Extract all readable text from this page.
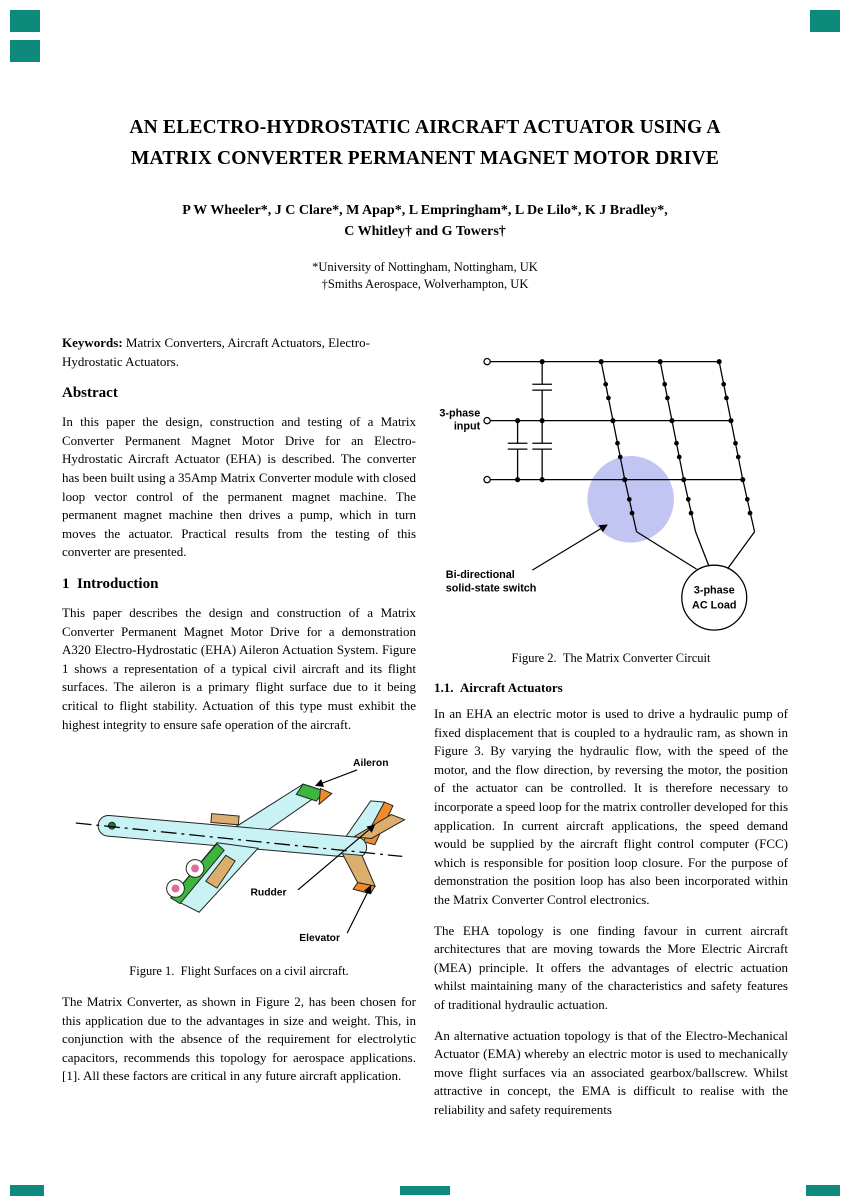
AN ELECTRO-HYDROSTATIC AIRCRAFT ACTUATOR USING A
MATRIX CONVERTER PERMANENT MAGNET MOTOR DRIVE
P W Wheeler*, J C Clare*, M Apap*, L Empringham*, L De Lilo*, K J Bradley*,
C Whitley† and G Towers†
*University of Nottingham, Nottingham, UK
†Smiths Aerospace, Wolverhampton, UK

Keywords: Matrix Converters, Aircraft Actuators, Electro-Hydrostatic Actuators.

Abstract

In this paper the design, construction and testing of a Matrix Converter Permanent Magnet Motor Drive for an Electro-Hydrostatic Aircraft Actuator (EHA) is described. The converter has been built using a 35Amp Matrix Converter module with closed loop vector control of the permanent magnet machine. The permanent magnet machine then drives a pump, which in turn moves the actuator. Practical results from the testing of this converter are presented.

1 Introduction

This paper describes the design and construction of a Matrix Converter Permanent Magnet Motor Drive for a demonstration A320 Electro-Hydrostatic (EHA) Aileron Actuation System. Figure 1 shows a representation of a typical civil aircraft and its flight surfaces. The aileron is a primary flight surface due to it being critical to flight stability. Actuation of this type must exhibit the highest integrity to ensure safe operation of the aircraft.

Aileron
Rudder
Elevator
Figure 1. Flight Surfaces on a civil aircraft.

The Matrix Converter, as shown in Figure 2, has been chosen for this application due to the advantages in size and weight. This, in conjunction with the absence of the requirement for electrolytic capacitors, recommends this topology for aerospace applications. [1]. All these factors are critical in any future aircraft application.

3-phase
input
Bi-directional
solid-state switch	3-phase
AC Load
Figure 2. The Matrix Converter Circuit
1.1. Aircraft Actuators

In an EHA an electric motor is used to drive a hydraulic pump of fixed displacement that is coupled to a hydraulic ram, as shown in Figure 3. By varying the hydraulic flow, with the speed of the motor, and the flow direction, by reversing the motor, the position of the actuator can be controlled. It is therefore necessary to incorporate a speed loop for the matrix controller developed for this application. In current aircraft applications, the speed demand would be supplied by the aircraft flight control computer (FCC) which is responsible for position loop closure. For the purpose of demonstration the position loop has also been incorporated within the Matrix Converter Control electronics.

The EHA topology is one finding favour in current aircraft architectures that are moving towards the More Electric Aircraft (MEA) principle. It offers the advantages of electric actuation whilst maintaining many of the characteristics and safety features of traditional hydraulic actuation.

An alternative actuation topology is that of the Electro-Mechanical Actuator (EMA) whereby an electric motor is used to mechanically move flight surfaces via an associated gearbox/ballscrew. Whilst attractive in concept, the EMA is difficult to realise with the reliability and safety requirements
